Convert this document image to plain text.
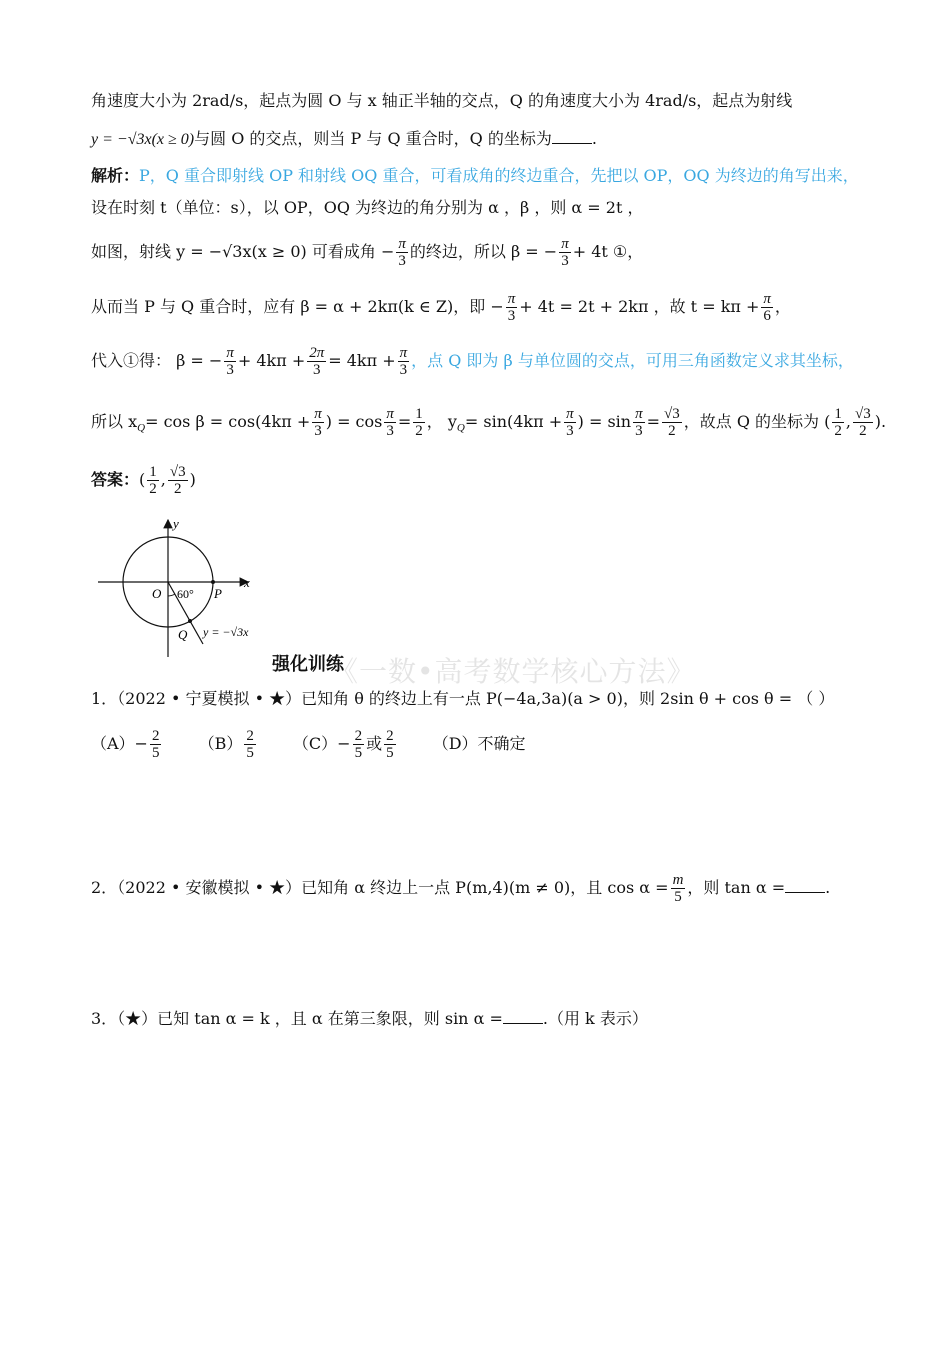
角速度大小为 2rad/s，起点为圆 O 与 x 轴正半轴的交点，Q 的角速度大小为 4rad/s，起点为射线
y = −√3x(x ≥ 0)与圆 O 的交点，则当 P 与 Q 重合时，Q 的坐标为	.
解析：P，Q 重合即射线 OP 和射线 OQ 重合，可看成角的终边重合，先把以 OP，OQ 为终边的角写出来，
设在时刻 t（单位：s），以 OP，OQ 为终边的角分别为 α ，β ，则 α = 2t ，
如图，射线 y = −√3x(x ≥ 0) 可看成角 − $\frac{\pi}{3}$ 的终边，所以 β = − $\frac{\pi}{3} + 4t$ ①，
从而当 P 与 Q 重合时，应有 β = α + 2kπ(k ∈ Z)，即 − $\frac{\pi}{3} + 4t = 2t + 2k\pi$ ，故 $t = k\pi + \frac{\pi}{6}$ ，
代入①得： β = − $\frac{\pi}{3} + 4k\pi + \frac{2\pi}{3} = 4k\pi + \frac{\pi}{3}$ ，点 Q 即为 β 与单位圆的交点，可用三角函数定义求其坐标，
所以 $x_Q= \cos \beta = \cos(4k\pi + \frac{\pi}{3}$ ) = $\cos \frac{\pi}{3} = \frac{1}{2}$ ， $y_Q= \sin(4k\pi + \frac{\pi}{3}$ ) = $\sin \frac{\pi}{3} = \frac{√3}{2}$ ，故点 Q 的坐标为 ( $\frac{1}{2}$ , $\frac{√3}{2}$ ).
答案：( $\frac{1}{2}$ , $\frac{√3}{2}$ )
y
x
O 60° P
Q y = −√3x
《一数•高考数学核心方法》
强化训练
1．（2022 • 宁夏模拟 • ★）已知角 θ 的终边上有一点 P(−4a,3a)(a > 0)，则 2sin θ + cos θ = （ ）
$(A)- \frac{2}{5} (B) \frac{2}{5} (C)- \frac{2}{5}$ 或 $\frac{2}{5} (D)$不确定
2．（2022 • 安徽模拟 • ★）已知角 α 终边上一点 P(m,4)(m ≠ 0)，且 $\cos \alpha = \frac{m}{5}$ ，则 tan α =	.
3．（★）已知 tan α = k ，且 α 在第三象限，则 sin α =	.（用 k 表示）
